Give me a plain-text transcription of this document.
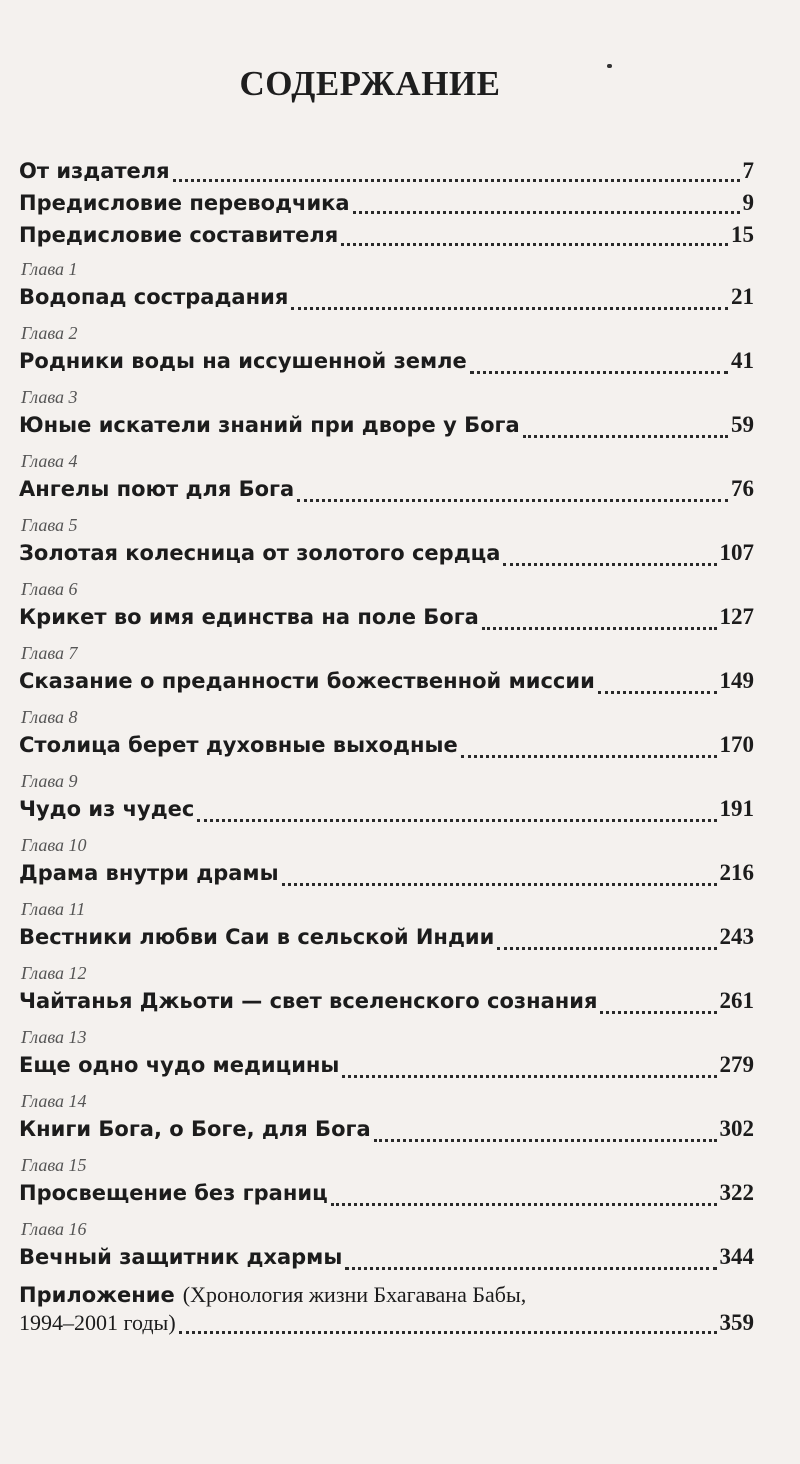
СОДЕРЖАНИЕ
От издателя	7
Предисловие переводчика	9
Предисловие составителя	15
Глава 1
Водопад сострадания	21
Глава 2
Родники воды на иссушенной земле	41
Глава 3
Юные искатели знаний при дворе у Бога	59
Глава 4
Ангелы поют для Бога	76
Глава 5
Золотая колесница от золотого сердца	107
Глава 6
Крикет во имя единства на поле Бога	127
Глава 7
Сказание о преданности божественной миссии	149
Глава 8
Столица берет духовные выходные	170
Глава 9
Чудо из чудес	191
Глава 10
Драма внутри драмы	216
Глава 11
Вестники любви Саи в сельской Индии	243
Глава 12
Чайтанья Джьоти — свет вселенского сознания	261
Глава 13
Еще одно чудо медицины	279
Глава 14
Книги Бога, о Боге, для Бога	302
Глава 15
Просвещение без границ	322
Глава 16
Вечный защитник дхармы	344
Приложение (Хронология жизни Бхагавана Бабы,
1994–2001 годы)	359
